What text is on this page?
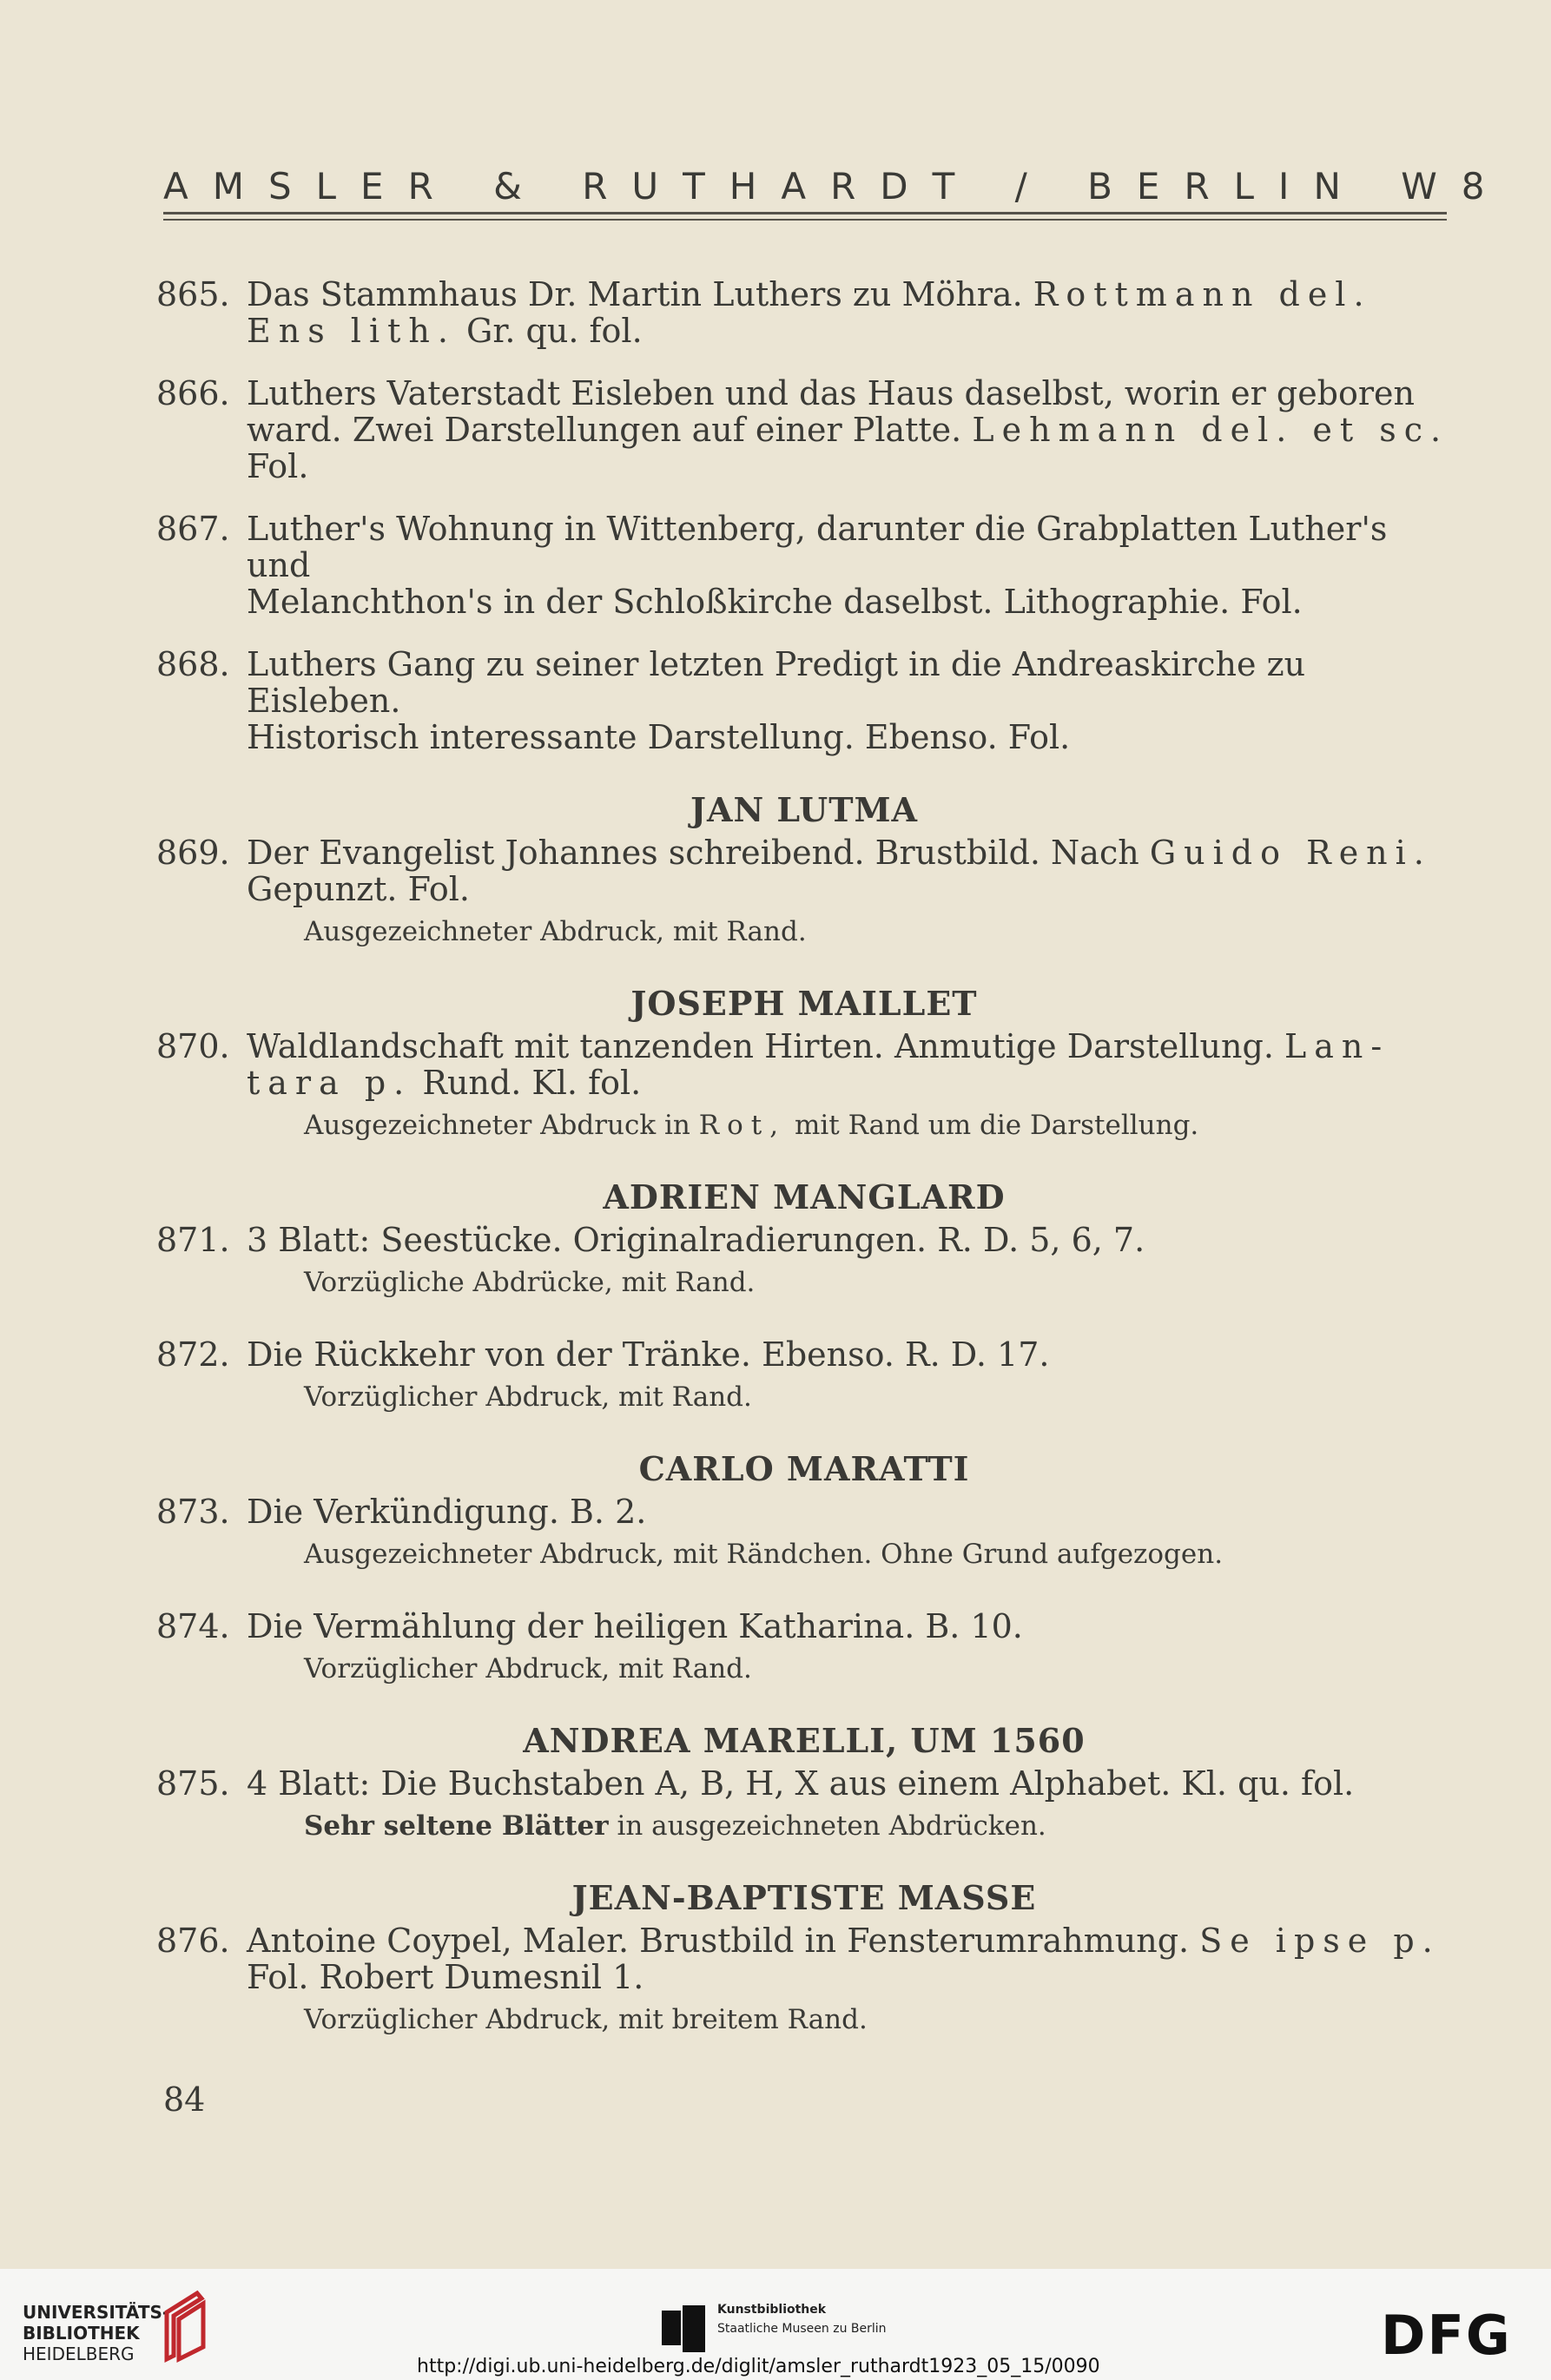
AMSLER & RUTHARDT / BERLIN W8
865. Das Stammhaus Dr. Martin Luthers zu Möhra. Rottmann del.
Ens lith. Gr. qu. fol.
866. Luthers Vaterstadt Eisleben und das Haus daselbst, worin er geboren
ward. Zwei Darstellungen auf einer Platte. Lehmann del. et sc.
Fol.
867. Luther's Wohnung in Wittenberg, darunter die Grabplatten Luther's und
Melanchthon's in der Schloßkirche daselbst. Lithographie. Fol.
868. Luthers Gang zu seiner letzten Predigt in die Andreaskirche zu Eisleben.
Historisch interessante Darstellung. Ebenso. Fol.
JAN LUTMA
869. Der Evangelist Johannes schreibend. Brustbild. Nach Guido Reni.
Gepunzt. Fol.
Ausgezeichneter Abdruck, mit Rand.
JOSEPH MAILLET
870. Waldlandschaft mit tanzenden Hirten. Anmutige Darstellung. Lan-
tara p. Rund. Kl. fol.
Ausgezeichneter Abdruck in Rot, mit Rand um die Darstellung.
ADRIEN MANGLARD
871. 3 Blatt: Seestücke. Originalradierungen. R. D. 5, 6, 7.
Vorzügliche Abdrücke, mit Rand.
872. Die Rückkehr von der Tränke. Ebenso. R. D. 17.
Vorzüglicher Abdruck, mit Rand.
CARLO MARATTI
873. Die Verkündigung. B. 2.
Ausgezeichneter Abdruck, mit Rändchen. Ohne Grund aufgezogen.
874. Die Vermählung der heiligen Katharina. B. 10.
Vorzüglicher Abdruck, mit Rand.
ANDREA MARELLI, UM 1560
875. 4 Blatt: Die Buchstaben A, B, H, X aus einem Alphabet. Kl. qu. fol.
Sehr seltene Blätter in ausgezeichneten Abdrücken.
JEAN-BAPTISTE MASSE
876. Antoine Coypel, Maler. Brustbild in Fensterumrahmung. Se ipse p.
Fol. Robert Dumesnil 1.
Vorzüglicher Abdruck, mit breitem Rand.
84
UNIVERSITÄTS-
BIBLIOTHEK
HEIDELBERG
Kunstbibliothek
Staatliche Museen zu Berlin	DFG
http://digi.ub.uni-heidelberg.de/diglit/amsler_ruthardt1923_05_15/0090
